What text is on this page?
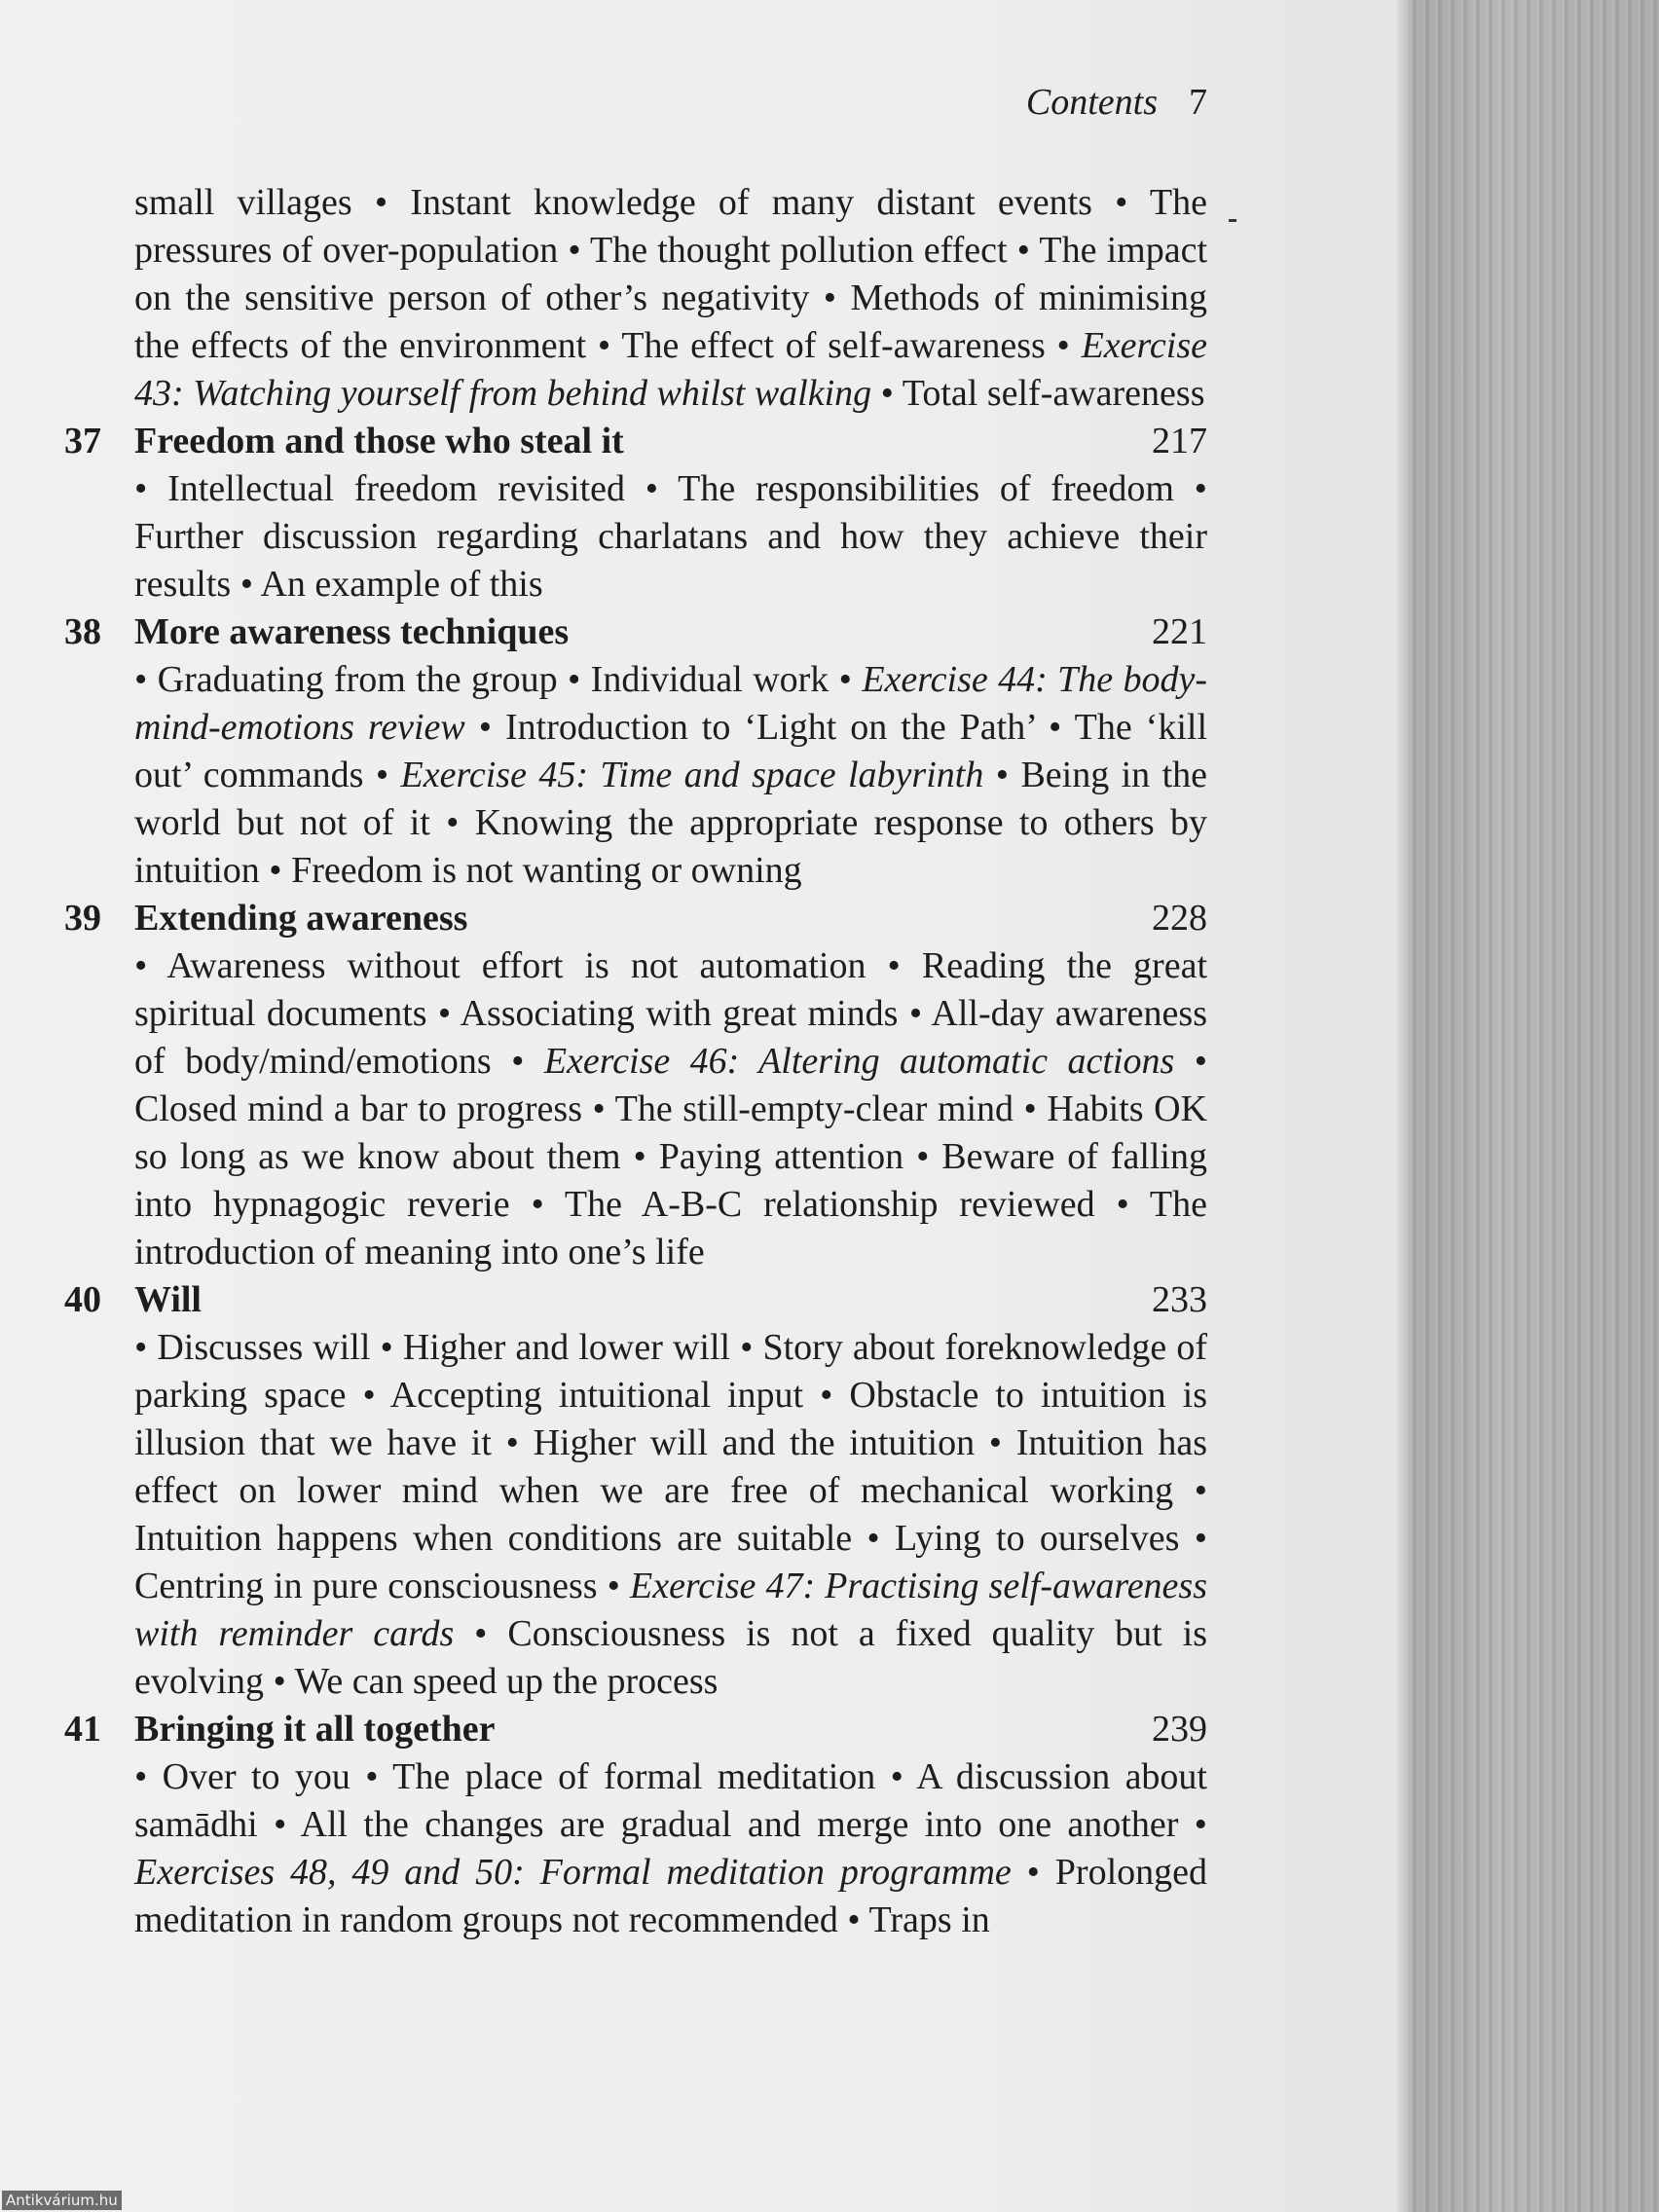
Contents 7

small villages • Instant knowledge of many distant events • The pressures of over-population • The thought pollution effect • The impact on the sensitive person of other’s negativity • Methods of minimising the effects of the environment • The effect of self-awareness • Exercise 43: Watching yourself from behind whilst walking • Total self-awareness

37 Freedom and those who steal it	217

• Intellectual freedom revisited • The responsibilities of freedom • Further discussion regarding charlatans and how they achieve their results • An example of this

38 More awareness techniques	221

• Graduating from the group • Individual work • Exercise 44: The body-mind-emotions review • Introduction to ‘Light on the Path’ • The ‘kill out’ commands • Exercise 45: Time and space labyrinth • Being in the world but not of it • Knowing the appropriate response to others by intuition • Freedom is not wanting or owning

39 Extending awareness	228

• Awareness without effort is not automation • Reading the great spiritual documents • Associating with great minds • All-day awareness of body/mind/emotions • Exercise 46: Altering automatic actions • Closed mind a bar to progress • The still-empty-clear mind • Habits OK so long as we know about them • Paying attention • Beware of falling into hypnagogic reverie • The A-B-C relationship reviewed • The introduction of meaning into one’s life

40 Will	233

• Discusses will • Higher and lower will • Story about foreknowledge of parking space • Accepting intuitional input • Obstacle to intuition is illusion that we have it • Higher will and the intuition • Intuition has effect on lower mind when we are free of mechanical working • Intuition happens when conditions are suitable • Lying to ourselves • Centring in pure consciousness • Exercise 47: Practising self-awareness with reminder cards • Consciousness is not a fixed quality but is evolving • We can speed up the process

41 Bringing it all together	239

• Over to you • The place of formal meditation • A discussion about samādhi • All the changes are gradual and merge into one another • Exercises 48, 49 and 50: Formal meditation programme • Prolonged meditation in random groups not recommended • Traps in

Antikvárium.hu
